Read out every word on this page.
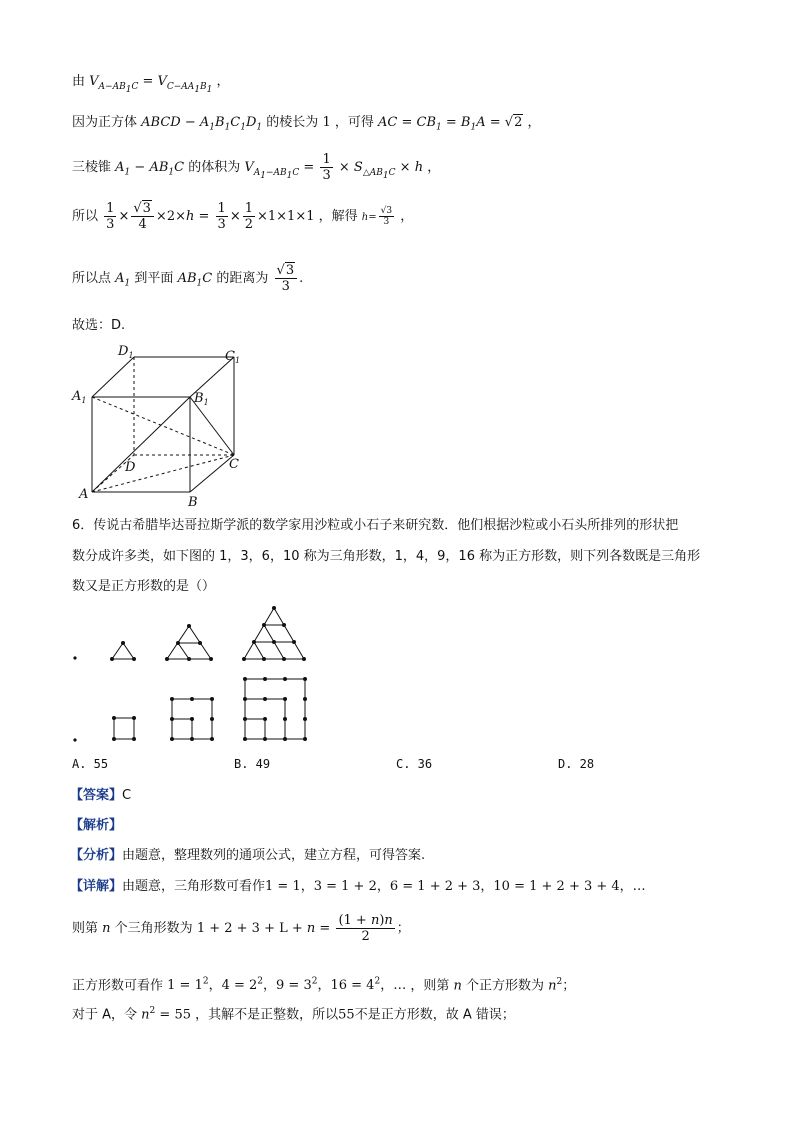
由 $V_{A-AB_1C} = V_{C-AA_1B_1}$ ，
因为正方体 ABCD − $A_1B_1C_1D_1$ 的棱长为 1 ，可得 AC = $CB_1 = B_1A = √2$ ，
三棱锥 $A_1 - AB_1C$ 的体积为 $V_{A_1-AB_1C} = \frac{1}{3} \times S_{\triangle AB_1C} \times h$ ，
所以 $\frac{1}{3} \times \frac{√3}{4} \times 2\times h = \frac{1}{3} \times \frac{1}{2} \times 1\times 1\times 1$ ，解得 $h= \frac{√3}{3}$ ，
所以点 $A_1$ 到平面 $AB_1C$ 的距离为 $\frac{√3}{3}$ .
故选：D.
$D_1$	$C_1$
$A_1$	$B_1$
D	C
A
B
6．传说古希腊毕达哥拉斯学派的数学家用沙粒或小石子来研究数．他们根据沙粒或小石头所排列的形状把
数分成许多类，如下图的 1，3，6，10 称为三角形数，1，4，9，16 称为正方形数，则下列各数既是三角形
数又是正方形数的是（）
A. 55	B. 49	C. 36	D. 28
【答案】C
【解析】
【分析】由题意，整理数列的通项公式，建立方程，可得答案.
【详解】由题意，三角形数可看作1 = 1，3 = 1 + 2，6 = 1 + 2 + 3，10 = 1 + 2 + 3 + 4，…
则第 n 个三角形数为 $1 + 2 + 3 + L + n = \frac{(1 + n)n}{2}$ ；
正方形数可看作 $1 = 1^2$，$4 = 2^2$，$9 = 3^2$，$16 = 4^2$，… ，则第 n 个正方形数为 $n^2$；
对于 A，令 $n^2 = 55$ ，其解不是正整数，所以55不是正方形数，故 A 错误；
